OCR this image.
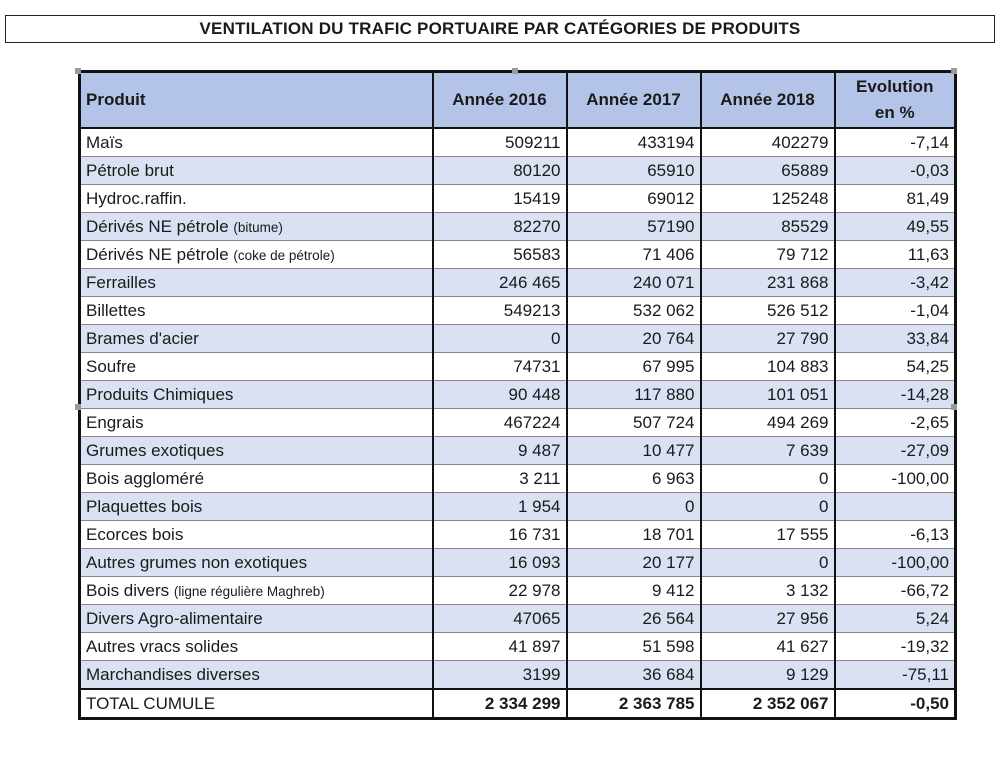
VENTILATION DU TRAFIC PORTUAIRE PAR CATÉGORIES DE PRODUITS
Produit	Année 2016	Année 2017	Année 2018	Evolution
en %

Maïs	509211	433194	402279	-7,14
Pétrole brut	80120	65910	65889	-0,03
Hydroc.raffin.	15419	69012	125248	81,49
Dérivés NE pétrole (bitume)	82270	57190	85529	49,55
Dérivés NE pétrole (coke de pétrole)	56583	71 406	79 712	11,63
Ferrailles	246 465	240 071	231 868	-3,42
Billettes	549213	532 062	526 512	-1,04
Brames d'acier	0	20 764	27 790	33,84
Soufre	74731	67 995	104 883	54,25
Produits Chimiques	90 448	117 880	101 051	-14,28
Engrais	467224	507 724	494 269	-2,65
Grumes exotiques	9 487	10 477	7 639	-27,09
Bois aggloméré	3 211	6 963	0	-100,00
Plaquettes bois	1 954	0	0	
Ecorces bois	16 731	18 701	17 555	-6,13
Autres grumes non exotiques	16 093	20 177	0	-100,00
Bois divers (ligne régulière Maghreb)	22 978	9 412	3 132	-66,72
Divers Agro-alimentaire	47065	26 564	27 956	5,24
Autres vracs solides	41 897	51 598	41 627	-19,32
Marchandises diverses	3199	36 684	9 129	-75,11
TOTAL CUMULE	2 334 299	2 363 785	2 352 067	-0,50
